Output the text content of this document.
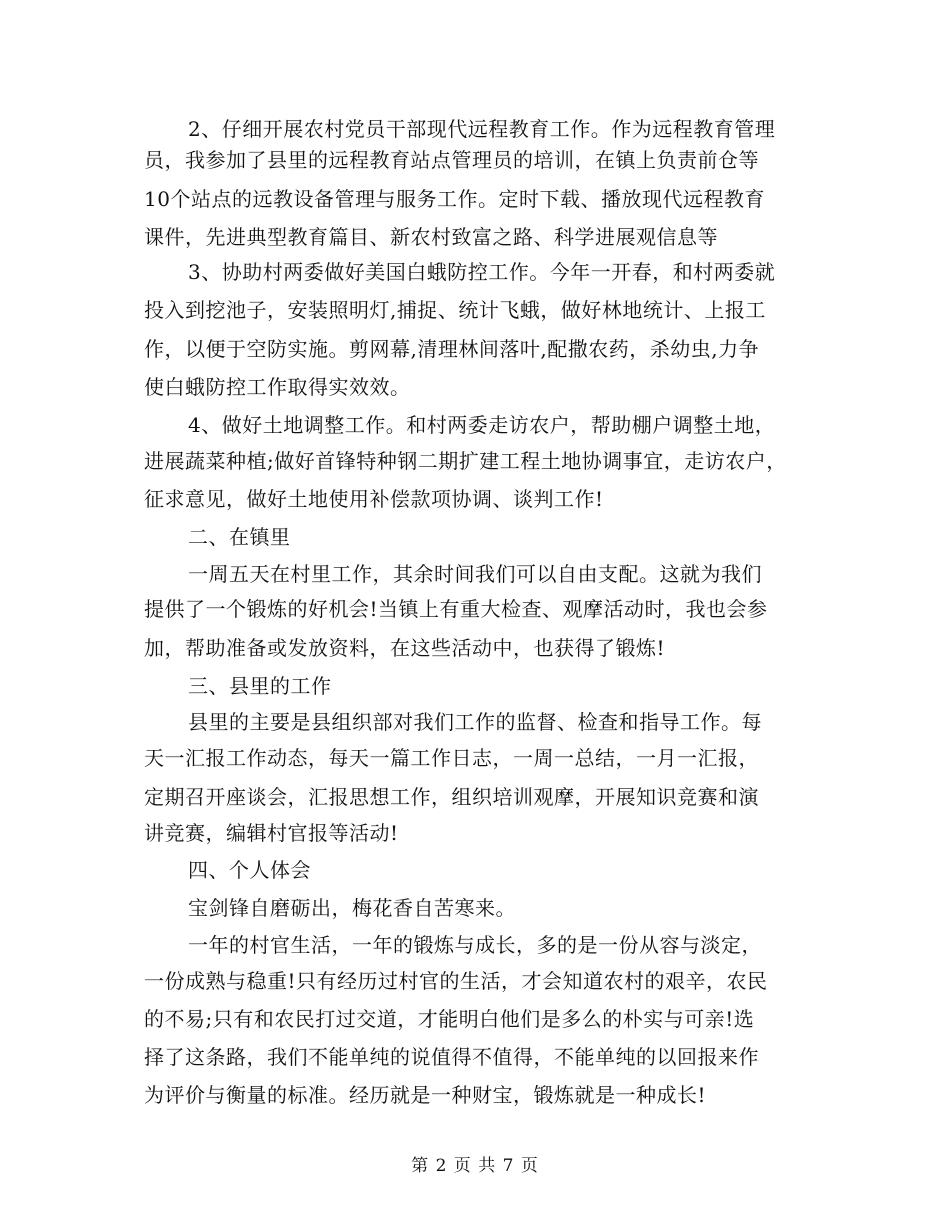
2、仔细开展农村党员干部现代远程教育工作。作为远程教育管理
员，我参加了县里的远程教育站点管理员的培训，在镇上负责前仓等
10个站点的远教设备管理与服务工作。定时下载、播放现代远程教育
课件，先进典型教育篇目、新农村致富之路、科学进展观信息等
3、协助村两委做好美国白蛾防控工作。今年一开春，和村两委就
投入到挖池子，安装照明灯,捕捉、统计飞蛾，做好林地统计、上报工
作，以便于空防实施。剪网幕,清理林间落叶,配撒农药，杀幼虫,力争
使白蛾防控工作取得实效效。
4、做好土地调整工作。和村两委走访农户，帮助棚户调整土地，
进展蔬菜种植;做好首锋特种钢二期扩建工程土地协调事宜，走访农户，
征求意见，做好土地使用补偿款项协调、谈判工作!
二、在镇里
一周五天在村里工作，其余时间我们可以自由支配。这就为我们
提供了一个锻炼的好机会!当镇上有重大检查、观摩活动时，我也会参
加，帮助准备或发放资料，在这些活动中，也获得了锻炼!
三、县里的工作
县里的主要是县组织部对我们工作的监督、检查和指导工作。每
天一汇报工作动态，每天一篇工作日志，一周一总结，一月一汇报，
定期召开座谈会，汇报思想工作，组织培训观摩，开展知识竞赛和演
讲竞赛，编辑村官报等活动!
四、个人体会
宝剑锋自磨砺出，梅花香自苦寒来。
一年的村官生活，一年的锻炼与成长，多的是一份从容与淡定，
一份成熟与稳重!只有经历过村官的生活，才会知道农村的艰辛，农民
的不易;只有和农民打过交道，才能明白他们是多么的朴实与可亲!选
择了这条路，我们不能单纯的说值得不值得，不能单纯的以回报来作
为评价与衡量的标准。经历就是一种财宝，锻炼就是一种成长!
第 2 页 共 7 页
